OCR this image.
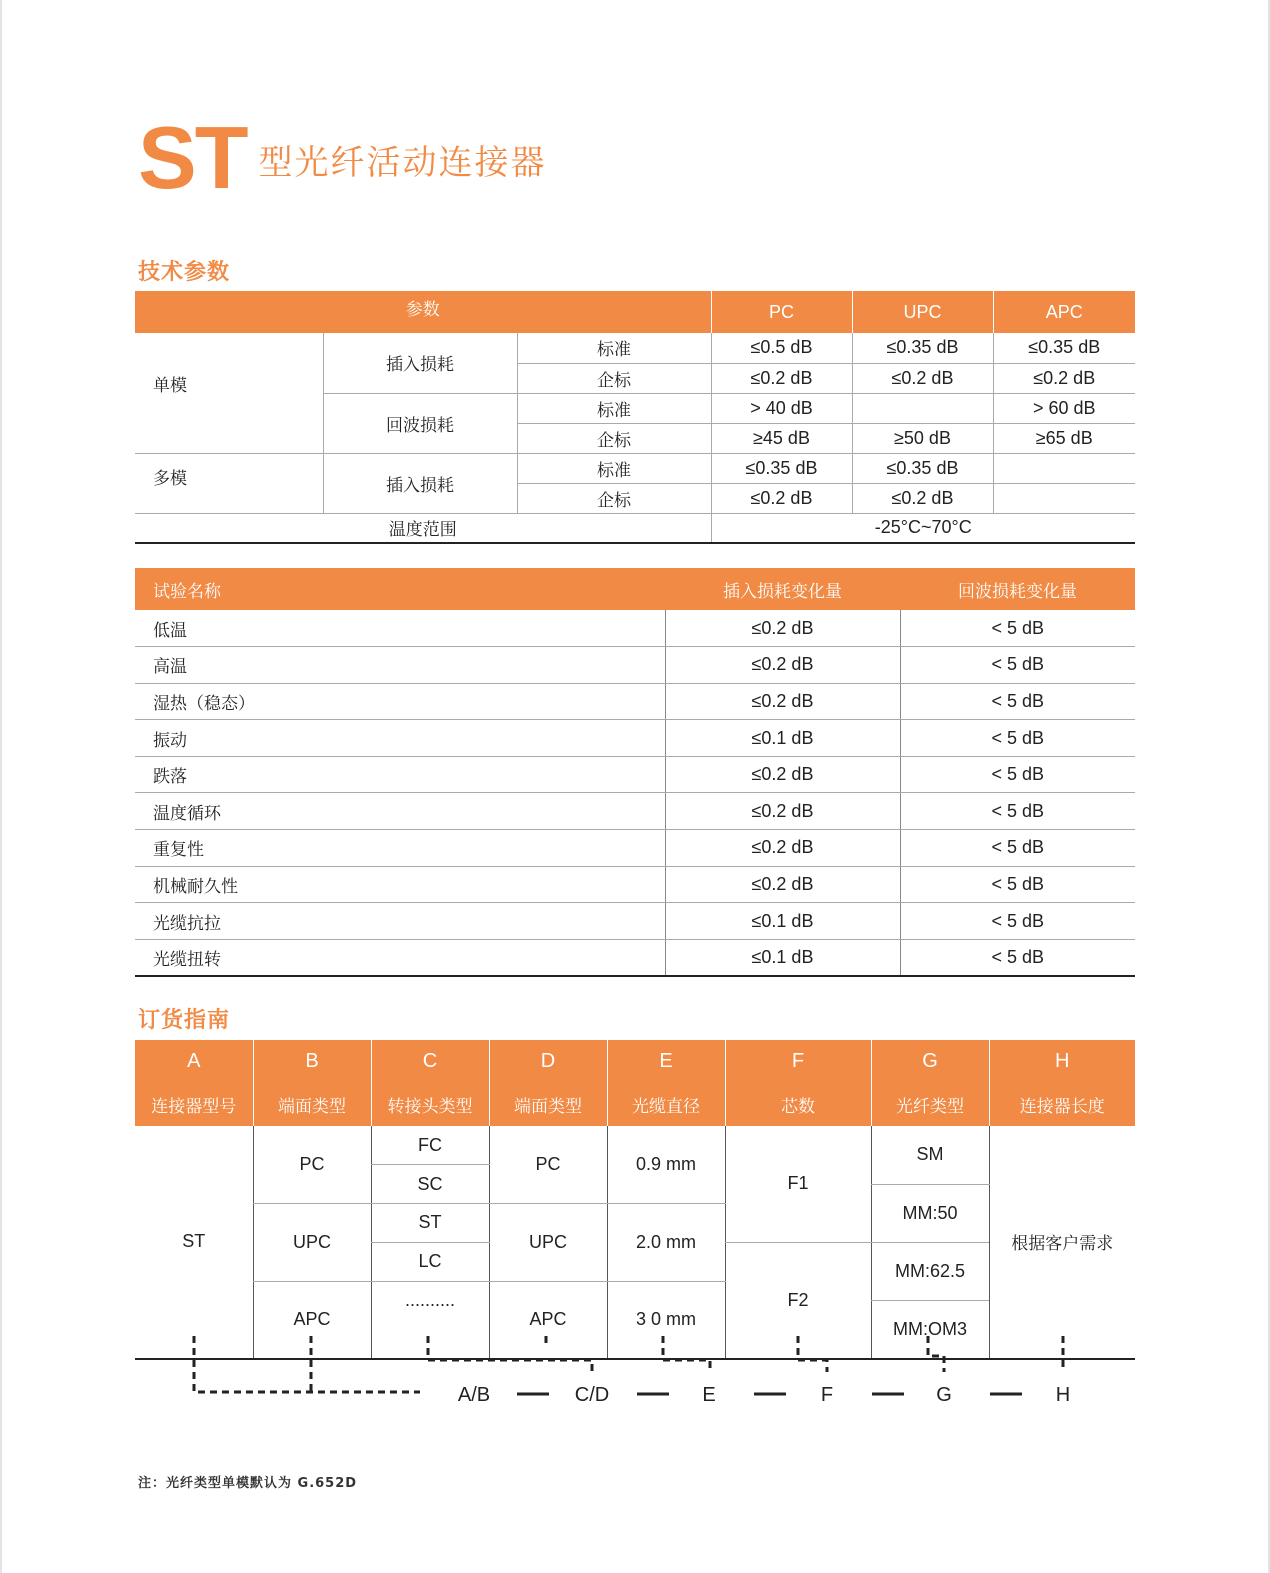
ST 型光纤活动连接器
技术参数
参数			PC	UPC	APC
单模	插入损耗	标准	≤0.5 dB	≤0.35 dB	≤0.35 dB
		企标	≤0.2 dB	≤0.2 dB	≤0.2 dB
	回波损耗	标准	> 40 dB		> 60 dB
		企标	≥45 dB	≥50 dB	≥65 dB
多模	插入损耗	标准	≤0.35 dB	≤0.35 dB	
		企标	≤0.2 dB	≤0.2 dB	
温度范围			-25°C~70°C		
试验名称	插入损耗变化量	回波损耗变化量
低温	≤0.2 dB	< 5 dB
高温	≤0.2 dB	< 5 dB
湿热（稳态）	≤0.2 dB	< 5 dB
振动	≤0.1 dB	< 5 dB
跌落	≤0.2 dB	< 5 dB
温度循环	≤0.2 dB	< 5 dB
重复性	≤0.2 dB	< 5 dB
机械耐久性	≤0.2 dB	< 5 dB
光缆抗拉	≤0.1 dB	< 5 dB
光缆扭转	≤0.1 dB	< 5 dB
订货指南
A	B	C	D	E	F	G	H
连接器型号	端面类型	转接头类型	端面类型	光缆直径	芯数	光纤类型	连接器长度
ST	PC	FC	PC	0.9 mm	F1	SM	根据客户需求

		SC					
						MM:50	
	UPC	ST	UPC	2.0 mm			

		LC			F2	MM:62.5	

	APC	..........	APC	3 0 mm			
						MM:OM3	

A/B	C/D	E	F	G	H
注：光纤类型单模默认为 G.652D
